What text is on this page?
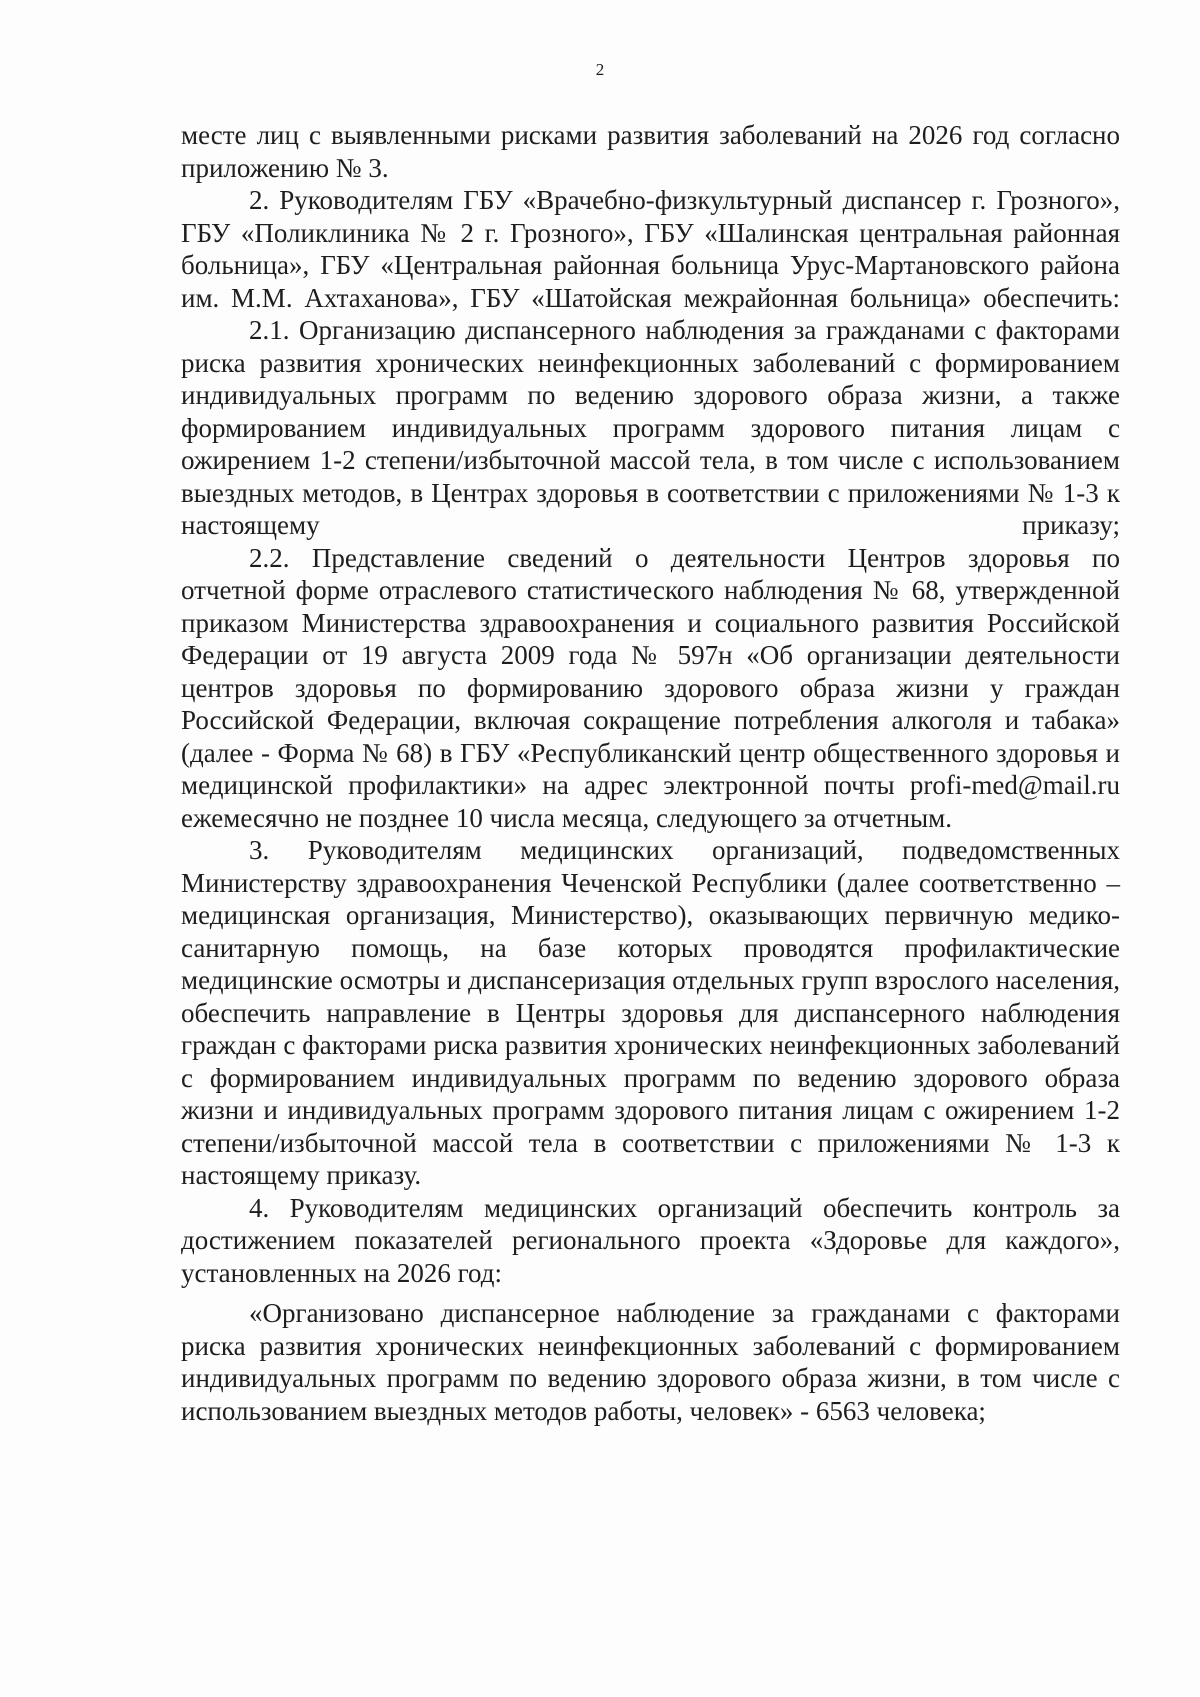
2

месте лиц с выявленными рисками развития заболеваний на 2026 год согласно приложению № 3.

2. Руководителям ГБУ «Врачебно-физкультурный диспансер г. Грозного», ГБУ «Поликлиника № 2 г. Грозного», ГБУ «Шалинская центральная районная больница», ГБУ «Центральная районная больница Урус-Мартановского района им. М.М. Ахтаханова», ГБУ «Шатойская межрайонная больница» обеспечить:

2.1. Организацию диспансерного наблюдения за гражданами с факторами риска развития хронических неинфекционных заболеваний с формированием индивидуальных программ по ведению здорового образа жизни, а также формированием индивидуальных программ здорового питания лицам с ожирением 1-2 степени/избыточной массой тела, в том числе с использованием выездных методов, в Центрах здоровья в соответствии с приложениями № 1-3 к настоящему приказу;

2.2. Представление сведений о деятельности Центров здоровья по отчетной форме отраслевого статистического наблюдения № 68, утвержденной приказом Министерства здравоохранения и социального развития Российской Федерации от 19 августа 2009 года № 597н «Об организации деятельности центров здоровья по формированию здорового образа жизни у граждан Российской Федерации, включая сокращение потребления алкоголя и табака» (далее - Форма № 68) в ГБУ «Республиканский центр общественного здоровья и медицинской профилактики» на адрес электронной почты profi-med@mail.ru ежемесячно не позднее 10 числа месяца, следующего за отчетным.

3. Руководителям медицинских организаций, подведомственных Министерству здравоохранения Чеченской Республики (далее соответственно – медицинская организация, Министерство), оказывающих первичную медико-санитарную помощь, на базе которых проводятся профилактические медицинские осмотры и диспансеризация отдельных групп взрослого населения, обеспечить направление в Центры здоровья для диспансерного наблюдения граждан с факторами риска развития хронических неинфекционных заболеваний с формированием индивидуальных программ по ведению здорового образа жизни и индивидуальных программ здорового питания лицам с ожирением 1-2 степени/избыточной массой тела в соответствии с приложениями № 1-3 к настоящему приказу.

4. Руководителям медицинских организаций обеспечить контроль за достижением показателей регионального проекта «Здоровье для каждого», установленных на 2026 год:

«Организовано диспансерное наблюдение за гражданами с факторами риска развития хронических неинфекционных заболеваний с формированием индивидуальных программ по ведению здорового образа жизни, в том числе с использованием выездных методов работы, человек» - 6563 человека;
